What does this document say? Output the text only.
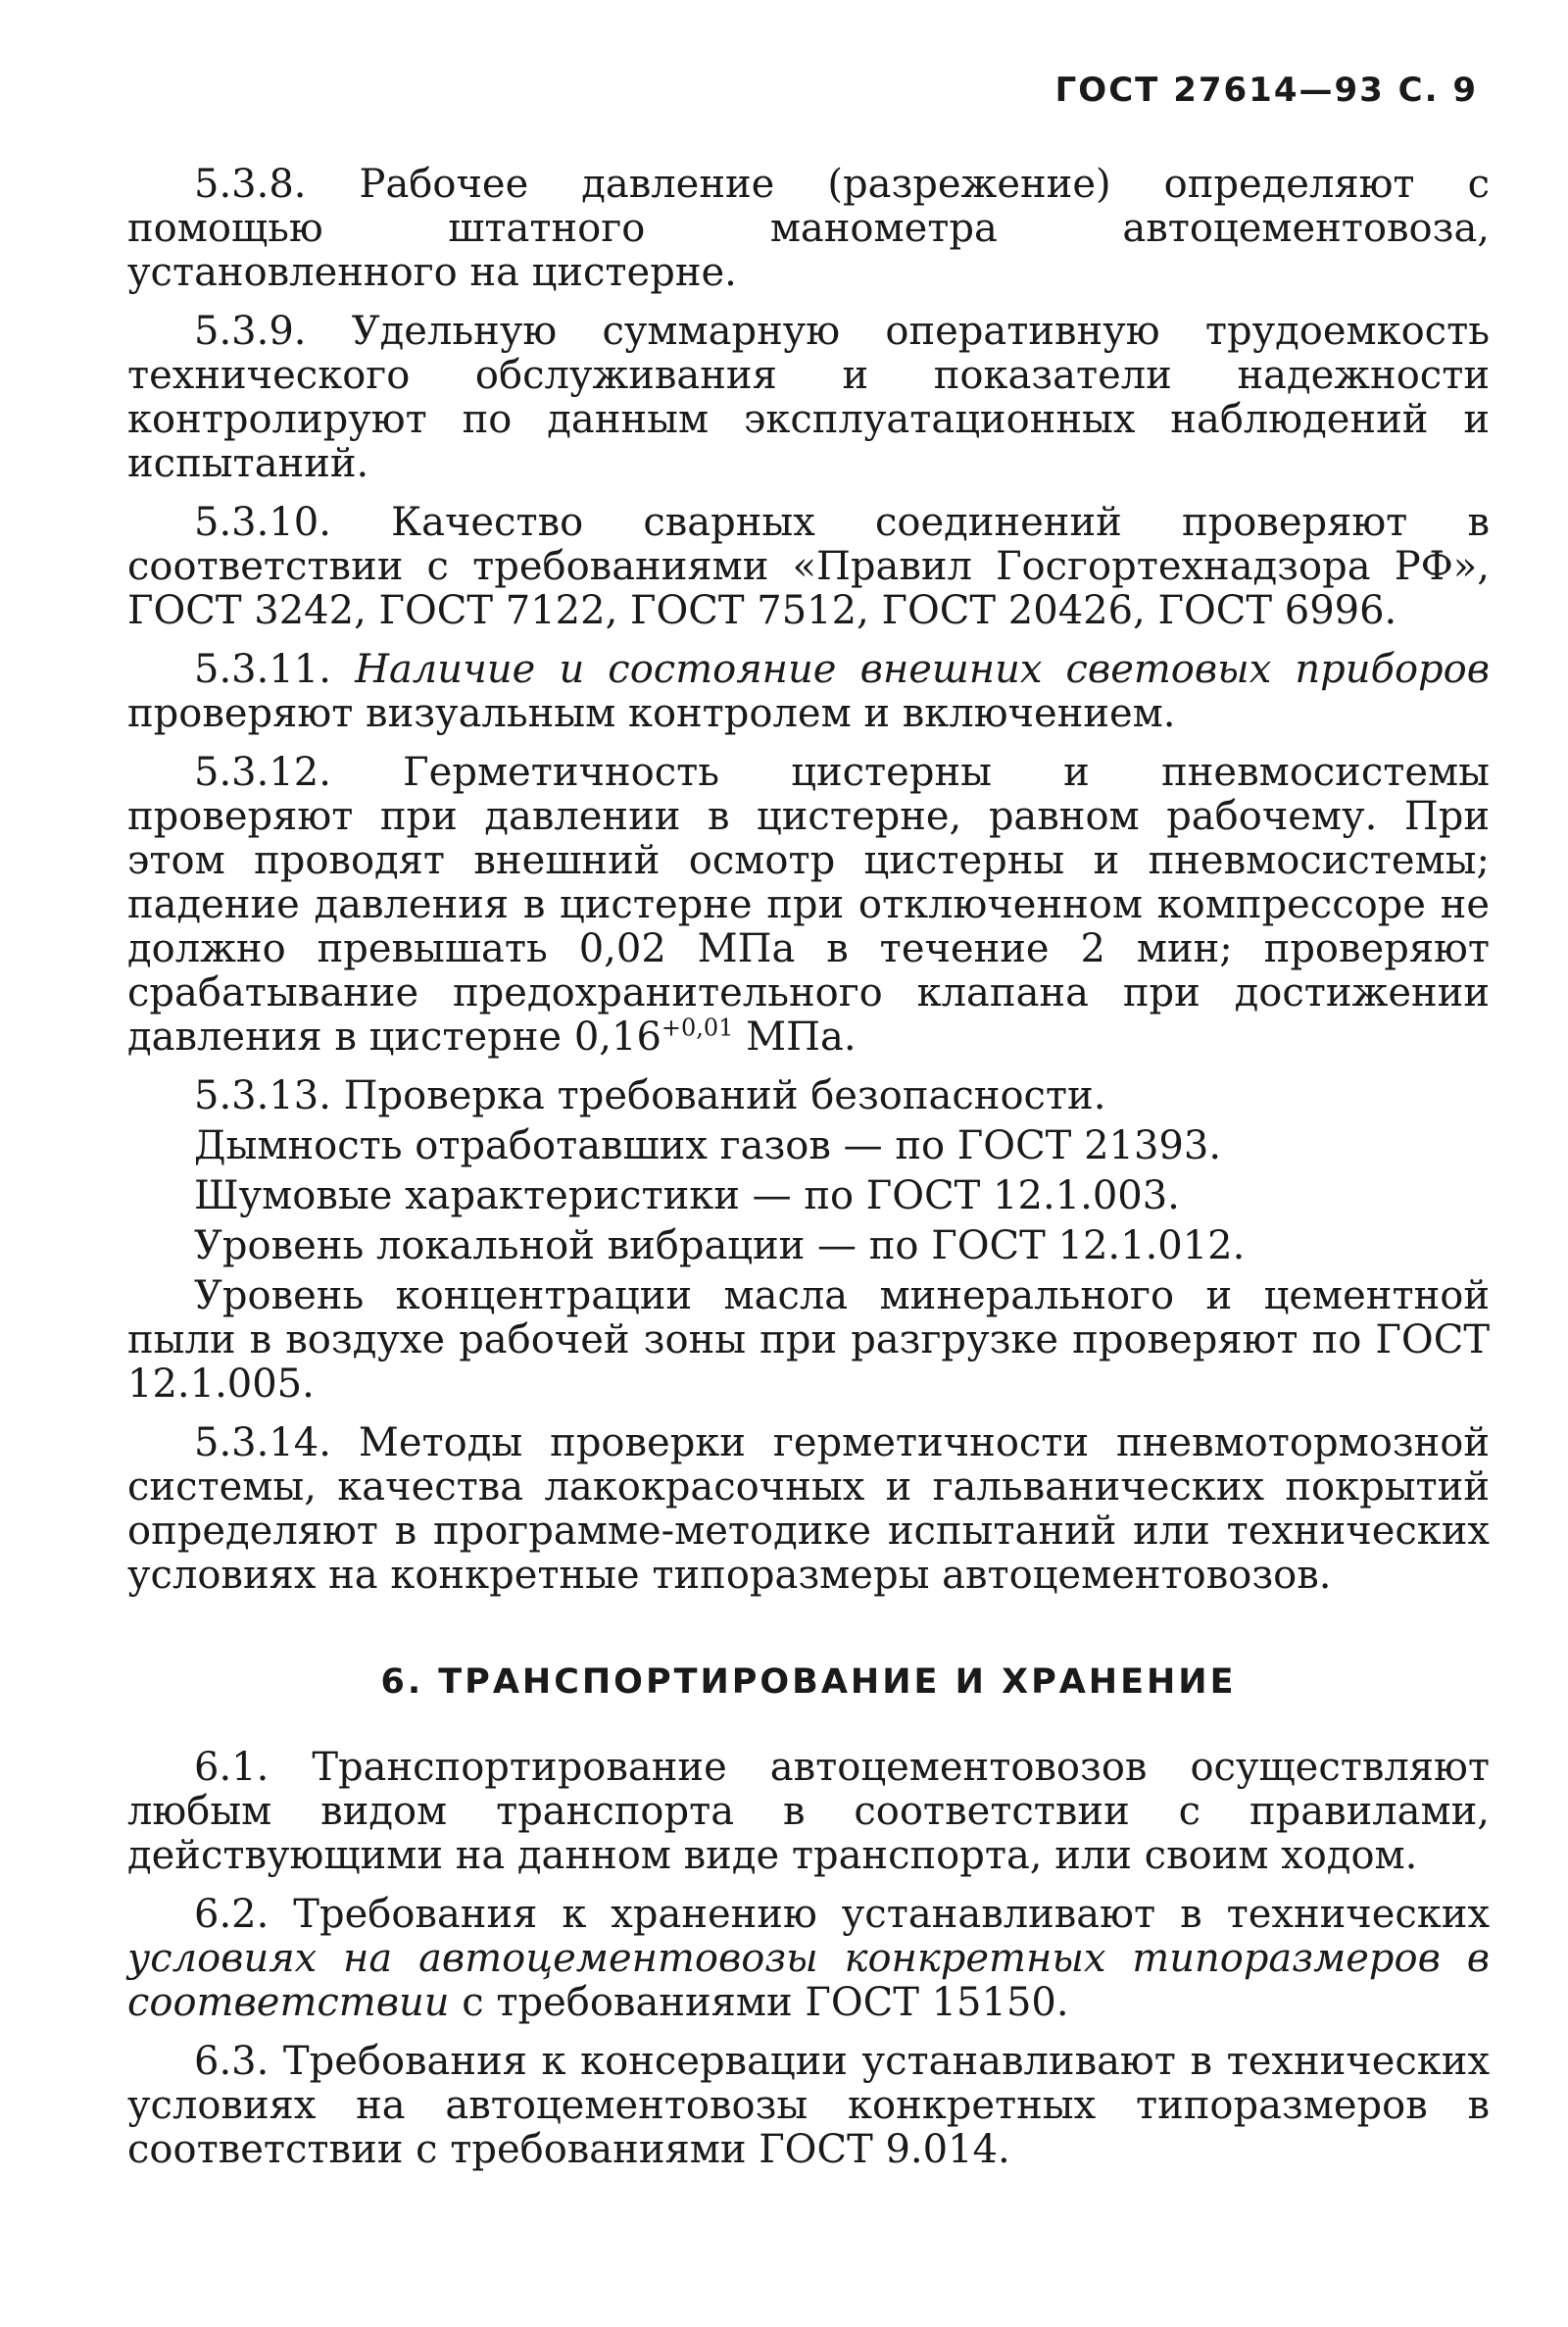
ГОСТ 27614—93 С. 9

5.3.8. Рабочее давление (разрежение) определяют с помощью штатного манометра автоцементовоза, установленного на цистерне.

5.3.9. Удельную суммарную оперативную трудоемкость технического обслуживания и показатели надежности контролируют по данным эксплуатационных наблюдений и испытаний.

5.3.10. Качество сварных соединений проверяют в соответствии с требованиями «Правил Госгортехнадзора РФ», ГОСТ 3242, ГОСТ 7122, ГОСТ 7512, ГОСТ 20426, ГОСТ 6996.

5.3.11. Наличие и состояние внешних световых приборов проверяют визуальным контролем и включением.

5.3.12. Герметичность цистерны и пневмосистемы проверяют при давлении в цистерне, равном рабочему. При этом проводят внешний осмотр цистерны и пневмосистемы; падение давления в цистерне при отключенном компрессоре не должно превышать 0,02 МПа в течение 2 мин; проверяют срабатывание предохранительного клапана при достижении давления в цистерне $0,16^{+0,01}$ МПа.

5.3.13. Проверка требований безопасности.

Дымность отработавших газов — по ГОСТ 21393.

Шумовые характеристики — по ГОСТ 12.1.003.

Уровень локальной вибрации — по ГОСТ 12.1.012.

Уровень концентрации масла минерального и цементной пыли в воздухе рабочей зоны при разгрузке проверяют по ГОСТ 12.1.005.

5.3.14. Методы проверки герметичности пневмотормозной системы, качества лакокрасочных и гальванических покрытий определяют в программе-методике испытаний или технических условиях на конкретные типоразмеры автоцементовозов.

6. ТРАНСПОРТИРОВАНИЕ И ХРАНЕНИЕ

6.1. Транспортирование автоцементовозов осуществляют любым видом транспорта в соответствии с правилами, действующими на данном виде транспорта, или своим ходом.

6.2. Требования к хранению устанавливают в технических условиях на автоцементовозы конкретных типоразмеров в соответствии с требованиями ГОСТ 15150.

6.3. Требования к консервации устанавливают в технических условиях на автоцементовозы конкретных типоразмеров в соответствии с требованиями ГОСТ 9.014.
